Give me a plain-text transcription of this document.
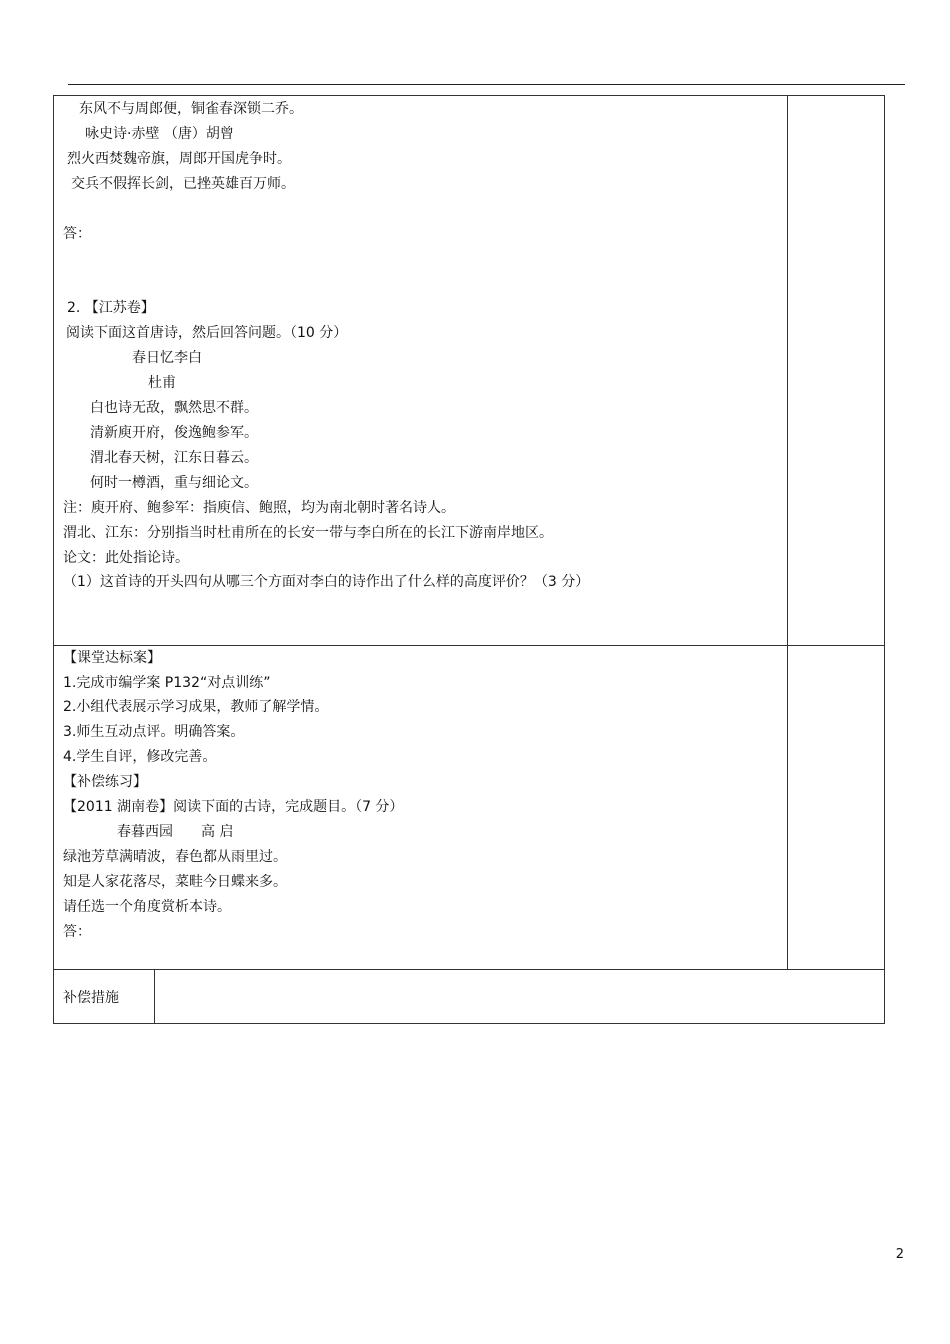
东风不与周郎便，铜雀春深锁二乔。
咏史诗·赤壁 （唐）胡曾
烈火西焚魏帝旗，周郎开国虎争时。
交兵不假挥长剑，已挫英雄百万师。
答：
2. 【江苏卷】
阅读下面这首唐诗，然后回答问题。（10 分）
春日忆李白
杜甫
白也诗无敌，飘然思不群。
清新庾开府，俊逸鲍参军。
渭北春天树，江东日暮云。
何时一樽酒，重与细论文。
注：庾开府、鲍参军：指庾信、鲍照，均为南北朝时著名诗人。
渭北、江东：分别指当时杜甫所在的长安一带与李白所在的长江下游南岸地区。
论文：此处指论诗。
（1）这首诗的开头四句从哪三个方面对李白的诗作出了什么样的高度评价？（3 分）
【课堂达标案】
1.完成市编学案 P132“对点训练”
2.小组代表展示学习成果，教师了解学情。
3.师生互动点评。明确答案。
4.学生自评，修改完善。
【补偿练习】
【2011 湖南卷】阅读下面的古诗，完成题目。（7 分）
春暮西园　　高 启
绿池芳草满晴波，春色都从雨里过。
知是人家花落尽，菜畦今日蝶来多。
请任选一个角度赏析本诗。
答：
补偿措施
2
